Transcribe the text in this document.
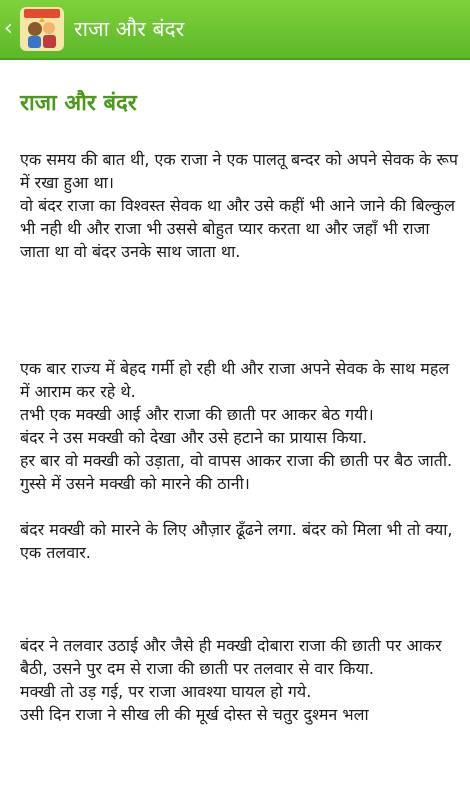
‹	राजा और बंदर
राजा और बंदर

एक समय की बात थी, एक राजा ने एक पालतू बन्दर को अपने सेवक के रूप में रखा हुआ था।

वो बंदर राजा का विश्वस्त सेवक था और उसे कहीं भी आने जाने की बिल्कुल भी नही थी और राजा भी उससे बोहुत प्यार करता था और जहाँ भी राजा जाता था वो बंदर उनके साथ जाता था.

एक बार राज्य में बेहद गर्मी हो रही थी और राजा अपने सेवक के साथ महल में आराम कर रहे थे.

तभी एक मक्खी आई और राजा की छाती पर आकर बेठ गयी।

बंदर ने उस मक्खी को देखा और उसे हटाने का प्रायास किया.

हर बार वो मक्खी को उड़ाता, वो वापस आकर राजा की छाती पर बैठ जाती. गुस्से में उसने मक्खी को मारने की ठानी।

बंदर मक्खी को मारने के लिए औज़ार ढूँढने लगा. बंदर को मिला भी तो क्या, एक तलवार.

बंदर ने तलवार उठाई और जैसे ही मक्खी दोबारा राजा की छाती पर आकर बैठी, उसने पुर दम से राजा की छाती पर तलवार से वार किया.

मक्खी तो उड़ गई, पर राजा आवश्या घायल हो गये.

उसी दिन राजा ने सीख ली की मूर्ख दोस्त से चतुर दुश्मन भला
